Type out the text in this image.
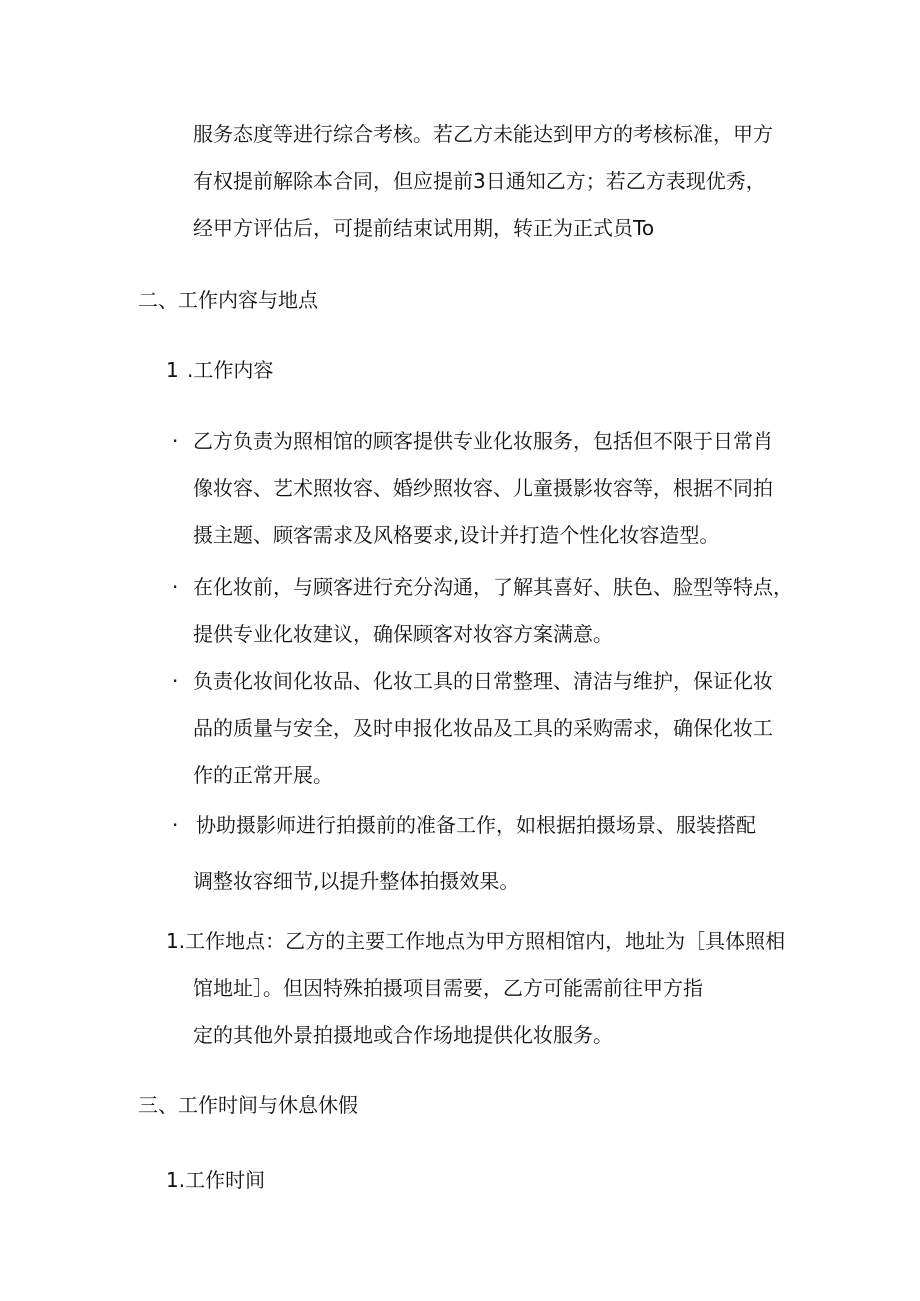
服务态度等进行综合考核。若乙方未能达到甲方的考核标准，甲方
有权提前解除本合同，但应提前3日通知乙方；若乙方表现优秀，
经甲方评估后，可提前结束试用期，转正为正式员To
二、工作内容与地点
1 .工作内容
· 乙方负责为照相馆的顾客提供专业化妆服务，包括但不限于日常肖
像妆容、艺术照妆容、婚纱照妆容、儿童摄影妆容等，根据不同拍
摄主题、顾客需求及风格要求,设计并打造个性化妆容造型。
· 在化妆前，与顾客进行充分沟通，了解其喜好、肤色、脸型等特点，
提供专业化妆建议，确保顾客对妆容方案满意。
· 负责化妆间化妆品、化妆工具的日常整理、清洁与维护，保证化妆
品的质量与安全，及时申报化妆品及工具的采购需求，确保化妆工
作的正常开展。
· 协助摄影师进行拍摄前的准备工作，如根据拍摄场景、服装搭配
调整妆容细节,以提升整体拍摄效果。
1.工作地点：乙方的主要工作地点为甲方照相馆内，地址为［具体照相
馆地址］。但因特殊拍摄项目需要，乙方可能需前往甲方指
定的其他外景拍摄地或合作场地提供化妆服务。
三、工作时间与休息休假
1.工作时间
